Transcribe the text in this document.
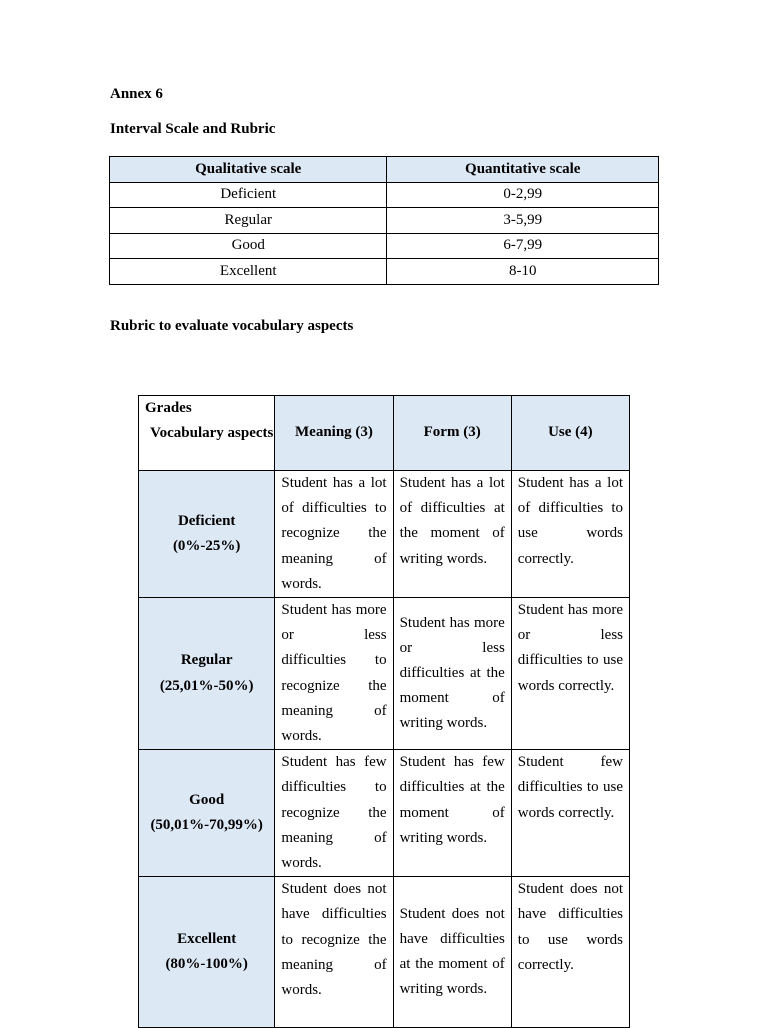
Annex 6

Interval Scale and Rubric

Qualitative scale	Quantitative scale
Deficient	0-2,99
Regular	3-5,99
Good	6-7,99
Excellent	8-10

Rubric to evaluate vocabulary aspects

Grades
Vocabulary aspects	Meaning (3)	Form (3)	Use (4)

Deficient
(0%-25%)	Student has a lot of difficulties to recognize the meaning of words.	Student has a lot of difficulties at the moment of writing words.	Student has a lot of difficulties to use words correctly.

Regular
(25,01%-50%)	Student has more or less difficulties to recognize the meaning of words.	Student has more or less difficulties at the moment of writing words.	Student has more or less difficulties to use words correctly.

Good
(50,01%-70,99%)	Student has few difficulties to recognize the meaning of words.	Student has few difficulties at the moment of writing words.	Student few difficulties to use words correctly.

Excellent
(80%-100%)	Student does not have difficulties to recognize the meaning of words.	Student does not have difficulties at the moment of writing words.	Student does not have difficulties to use words correctly.
